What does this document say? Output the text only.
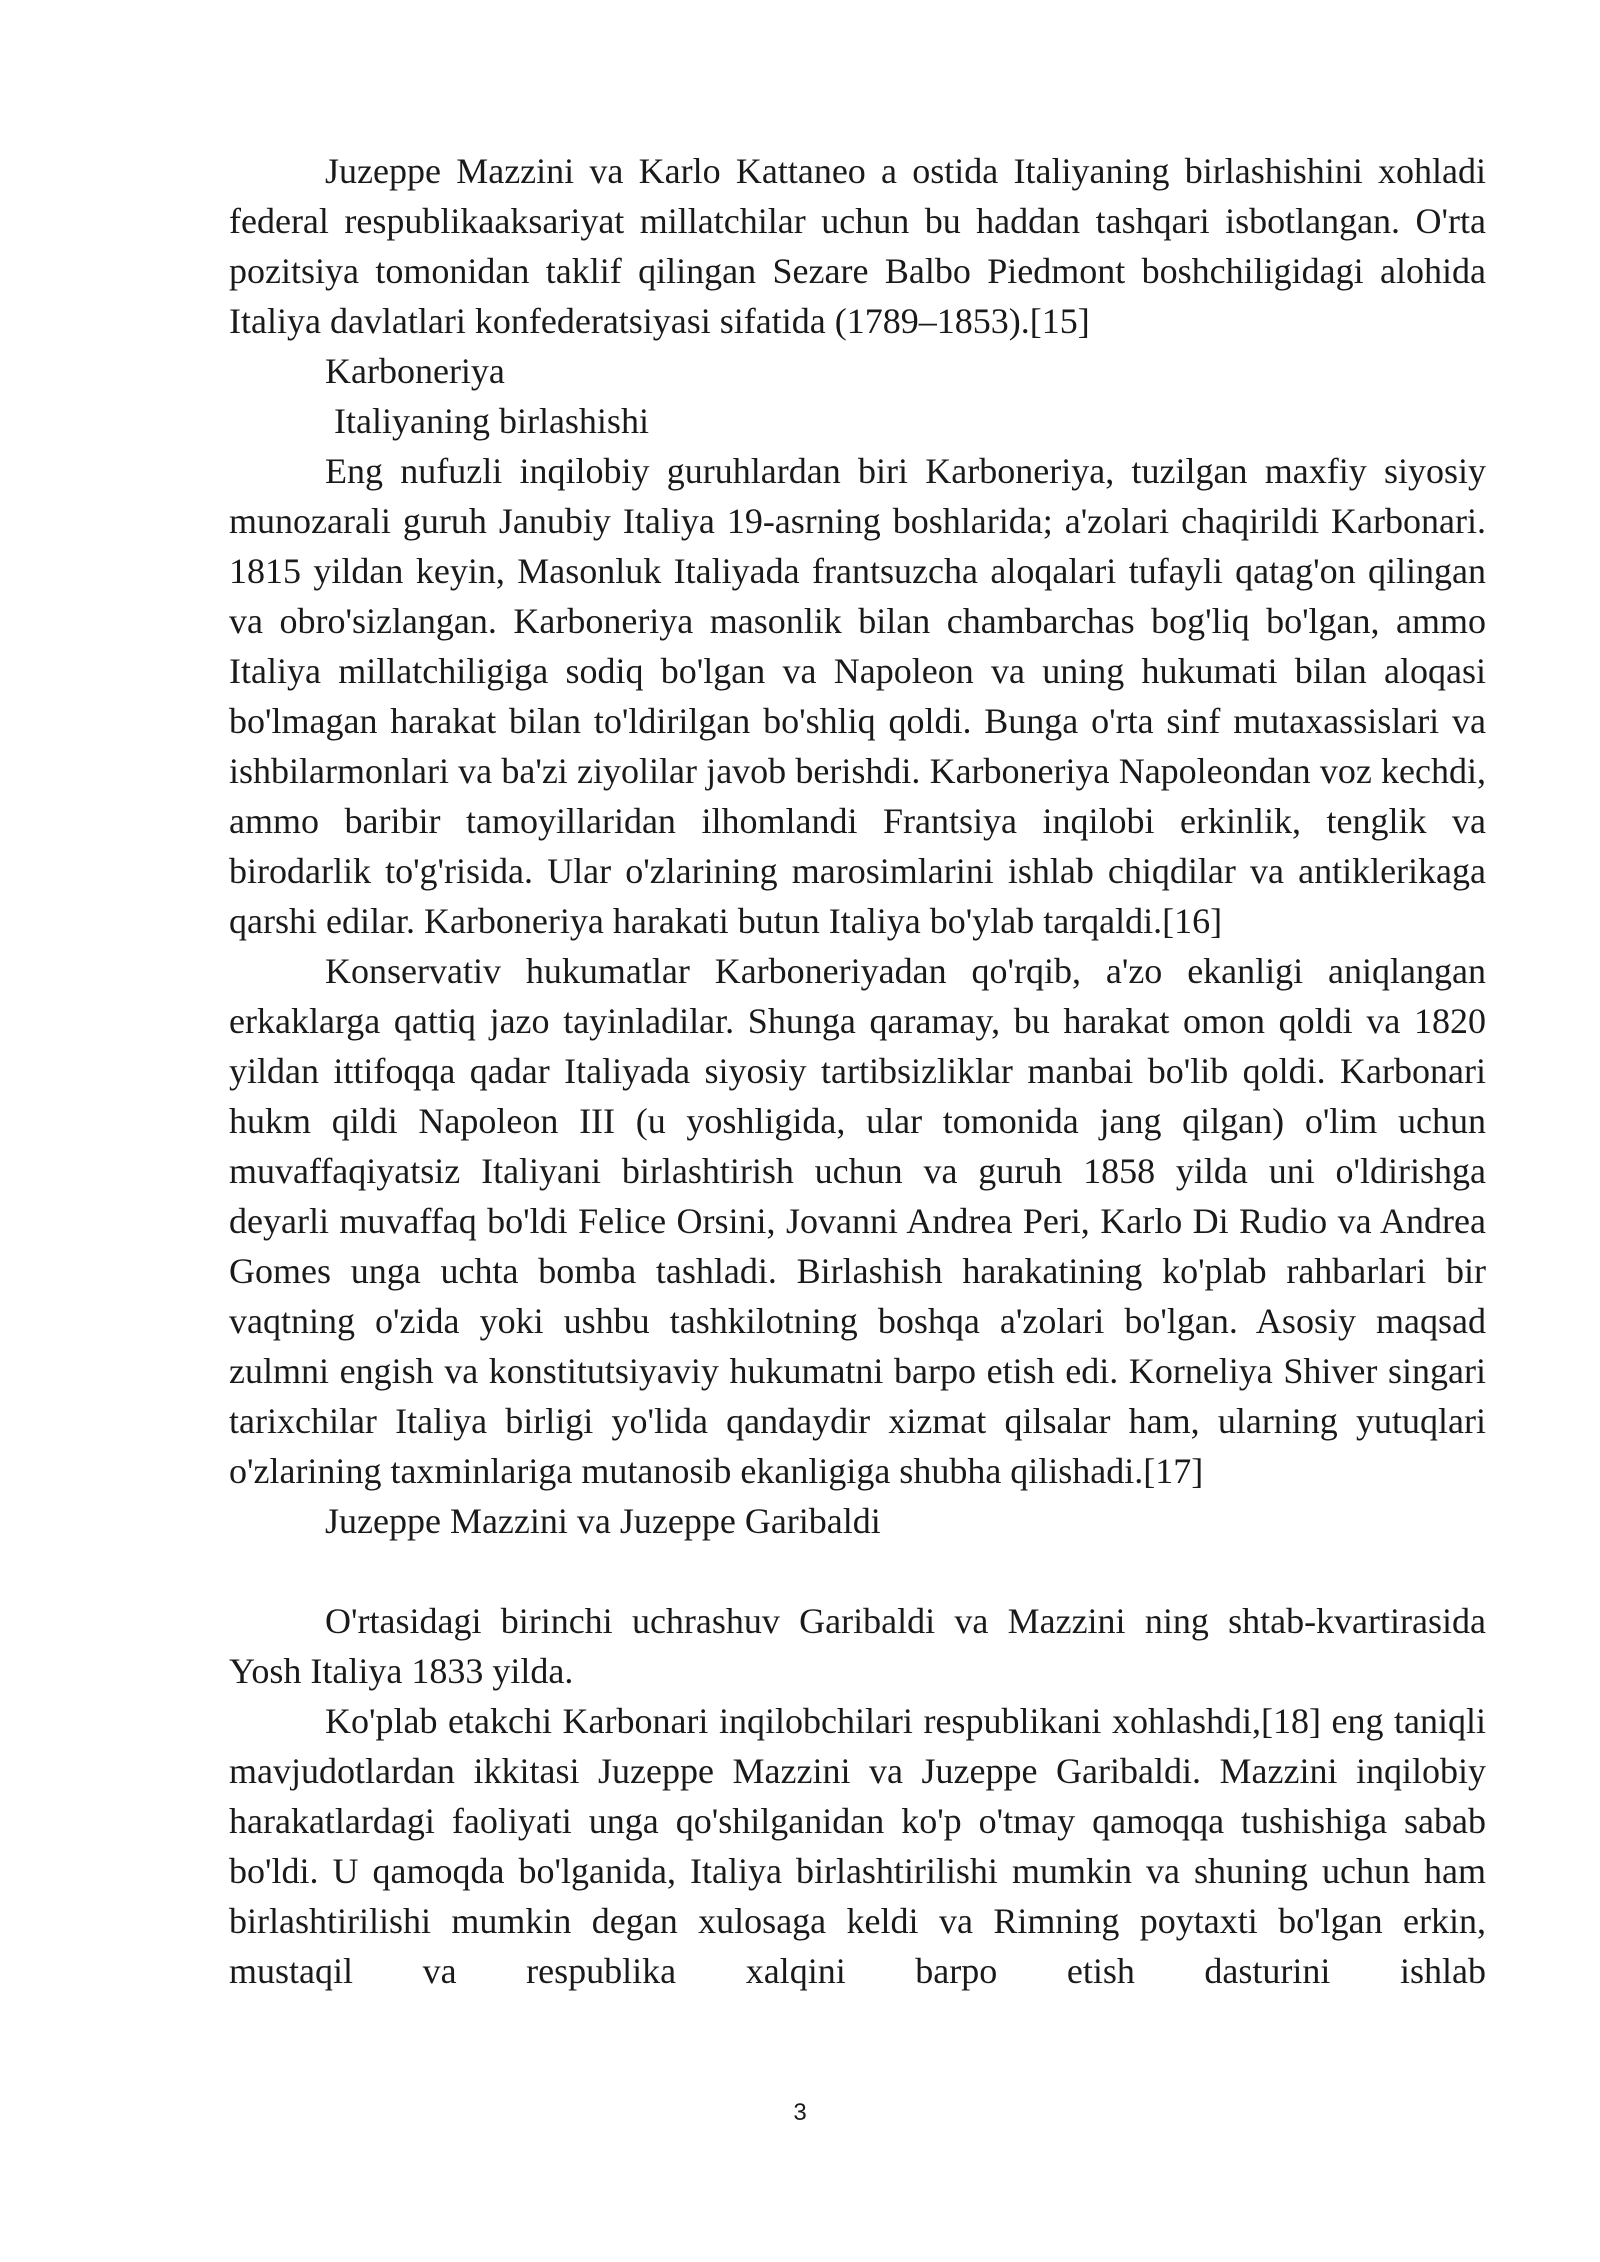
Juzeppe Mazzini va Karlo Kattaneo a ostida Italiyaning birlashishini xohladi federal respublikaaksariyat millatchilar uchun bu haddan tashqari isbotlangan. O'rta pozitsiya tomonidan taklif qilingan Sezare Balbo Piedmont boshchiligidagi alohida Italiya davlatlari konfederatsiyasi sifatida (1789–1853).[15]

Karboneriya

Italiyaning birlashishi

Eng nufuzli inqilobiy guruhlardan biri Karboneriya, tuzilgan maxfiy siyosiy munozarali guruh Janubiy Italiya 19-asrning boshlarida; a'zolari chaqirildi Karbonari. 1815 yildan keyin, Masonluk Italiyada frantsuzcha aloqalari tufayli qatag'on qilingan va obro'sizlangan. Karboneriya masonlik bilan chambarchas bog'liq bo'lgan, ammo Italiya millatchiligiga sodiq bo'lgan va Napoleon va uning hukumati bilan aloqasi bo'lmagan harakat bilan to'ldirilgan bo'shliq qoldi. Bunga o'rta sinf mutaxassislari va ishbilarmonlari va ba'zi ziyolilar javob berishdi. Karboneriya Napoleondan voz kechdi, ammo baribir tamoyillaridan ilhomlandi Frantsiya inqilobi erkinlik, tenglik va birodarlik to'g'risida. Ular o'zlarining marosimlarini ishlab chiqdilar va antiklerikaga qarshi edilar. Karboneriya harakati butun Italiya bo'ylab tarqaldi.[16]

Konservativ hukumatlar Karboneriyadan qo'rqib, a'zo ekanligi aniqlangan erkaklarga qattiq jazo tayinladilar. Shunga qaramay, bu harakat omon qoldi va 1820 yildan ittifoqqa qadar Italiyada siyosiy tartibsizliklar manbai bo'lib qoldi. Karbonari hukm qildi Napoleon III (u yoshligida, ular tomonida jang qilgan) o'lim uchun muvaffaqiyatsiz Italiyani birlashtirish uchun va guruh 1858 yilda uni o'ldirishga deyarli muvaffaq bo'ldi Felice Orsini, Jovanni Andrea Peri, Karlo Di Rudio va Andrea Gomes unga uchta bomba tashladi. Birlashish harakatining ko'plab rahbarlari bir vaqtning o'zida yoki ushbu tashkilotning boshqa a'zolari bo'lgan. Asosiy maqsad zulmni engish va konstitutsiyaviy hukumatni barpo etish edi. Korneliya Shiver singari tarixchilar Italiya birligi yo'lida qandaydir xizmat qilsalar ham, ularning yutuqlari o'zlarining taxminlariga mutanosib ekanligiga shubha qilishadi.[17]

Juzeppe Mazzini va Juzeppe Garibaldi

O'rtasidagi birinchi uchrashuv Garibaldi va Mazzini ning shtab-kvartirasida Yosh Italiya 1833 yilda.

Ko'plab etakchi Karbonari inqilobchilari respublikani xohlashdi,[18] eng taniqli mavjudotlardan ikkitasi Juzeppe Mazzini va Juzeppe Garibaldi. Mazzini inqilobiy harakatlardagi faoliyati unga qo'shilganidan ko'p o'tmay qamoqqa tushishiga sabab bo'ldi. U qamoqda bo'lganida, Italiya birlashtirilishi mumkin va shuning uchun ham birlashtirilishi mumkin degan xulosaga keldi va Rimning poytaxti bo'lgan erkin, mustaqil va respublika xalqini barpo etish dasturini ishlab

3
